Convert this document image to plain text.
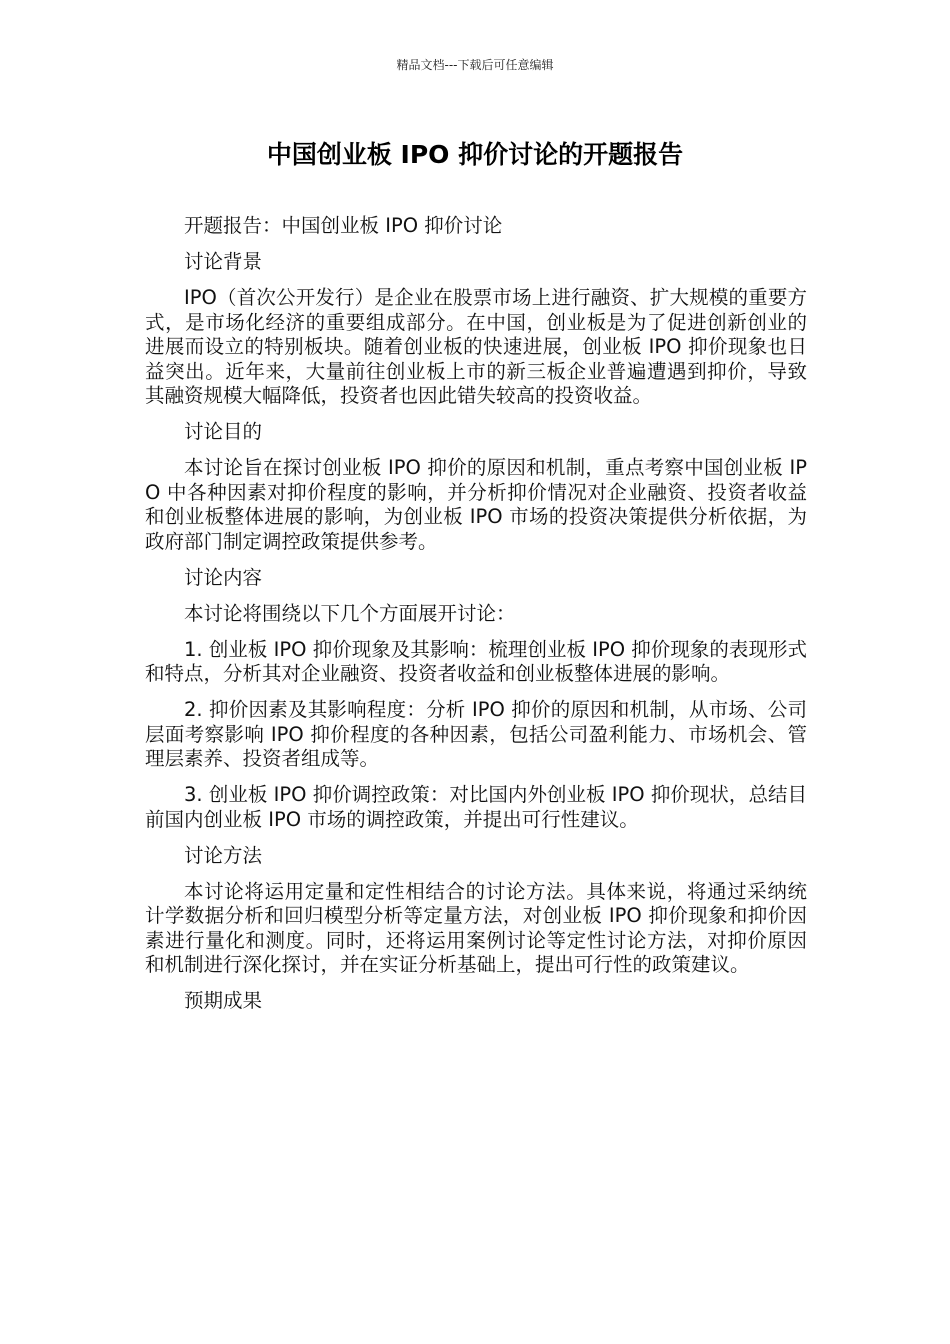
精品文档---下载后可任意编辑
中国创业板 IPO 抑价讨论的开题报告

开题报告：中国创业板 IPO 抑价讨论

讨论背景

IPO（首次公开发行）是企业在股票市场上进行融资、扩大规模的重要方式，是市场化经济的重要组成部分。在中国，创业板是为了促进创新创业的进展而设立的特别板块。随着创业板的快速进展，创业板 IPO 抑价现象也日益突出。近年来，大量前往创业板上市的新三板企业普遍遭遇到抑价，导致其融资规模大幅降低，投资者也因此错失较高的投资收益。

讨论目的

本讨论旨在探讨创业板 IPO 抑价的原因和机制，重点考察中国创业板 IPO 中各种因素对抑价程度的影响，并分析抑价情况对企业融资、投资者收益和创业板整体进展的影响，为创业板 IPO 市场的投资决策提供分析依据，为政府部门制定调控政策提供参考。

讨论内容

本讨论将围绕以下几个方面展开讨论：

1. 创业板 IPO 抑价现象及其影响：梳理创业板 IPO 抑价现象的表现形式和特点，分析其对企业融资、投资者收益和创业板整体进展的影响。

2. 抑价因素及其影响程度：分析 IPO 抑价的原因和机制，从市场、公司层面考察影响 IPO 抑价程度的各种因素，包括公司盈利能力、市场机会、管理层素养、投资者组成等。

3. 创业板 IPO 抑价调控政策：对比国内外创业板 IPO 抑价现状，总结目前国内创业板 IPO 市场的调控政策，并提出可行性建议。

讨论方法

本讨论将运用定量和定性相结合的讨论方法。具体来说，将通过采纳统计学数据分析和回归模型分析等定量方法，对创业板 IPO 抑价现象和抑价因素进行量化和测度。同时，还将运用案例讨论等定性讨论方法，对抑价原因和机制进行深化探讨，并在实证分析基础上，提出可行性的政策建议。

预期成果
